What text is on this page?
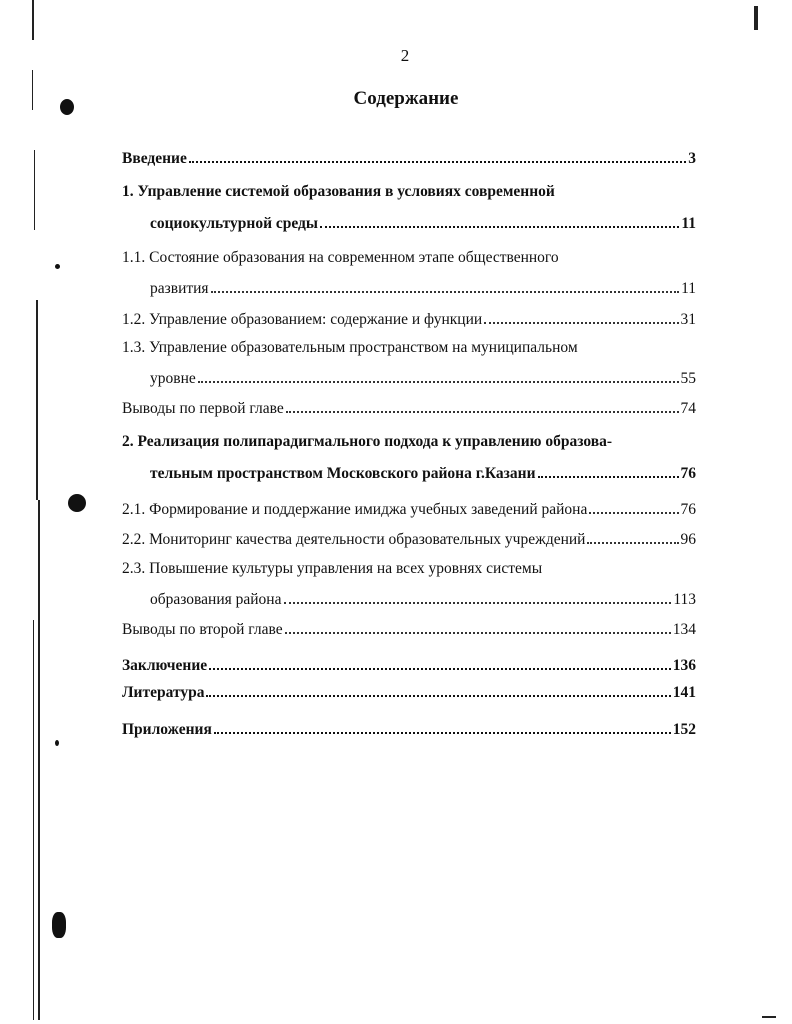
2
Содержание
Введение	3
1. Управление системой образования в условиях современной
социокультурной среды	11
1.1. Состояние образования на современном этапе общественного
развития	11
1.2. Управление образованием: содержание и функции	31
1.3. Управление образовательным пространством на муниципальном
уровне	55
Выводы по первой главе	74
2. Реализация полипарадигмального подхода к управлению образова-
тельным пространством Московского района г.Казани	76
2.1. Формирование и поддержание имиджа учебных заведений района	76
2.2. Мониторинг качества деятельности образовательных учреждений	96
2.3. Повышение культуры управления на всех уровнях системы
образования района	113
Выводы по второй главе	134
Заключение	136
Литература	141
Приложения	152
